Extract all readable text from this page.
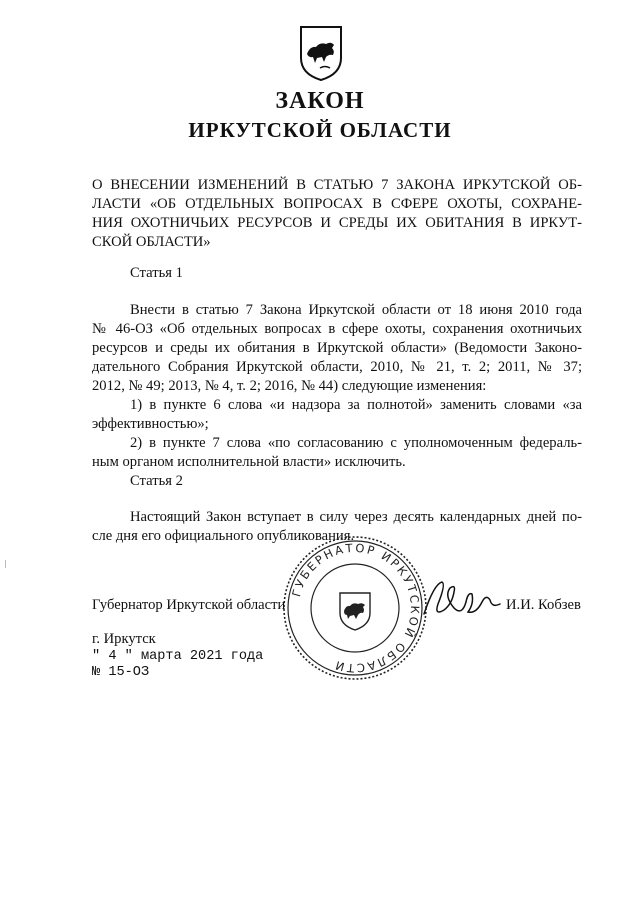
ЗАКОН
ИРКУТСКОЙ ОБЛАСТИ
О ВНЕСЕНИИ ИЗМЕНЕНИЙ В СТАТЬЮ 7 ЗАКОНА ИРКУТСКОЙ ОБ-
ЛАСТИ «ОБ ОТДЕЛЬНЫХ ВОПРОСАХ В СФЕРЕ ОХОТЫ, СОХРАНЕ-
НИЯ ОХОТНИЧЬИХ РЕСУРСОВ И СРЕДЫ ИХ ОБИТАНИЯ В ИРКУТ-
СКОЙ ОБЛАСТИ»
Статья 1
Внести в статью 7 Закона Иркутской области от 18 июня 2010 года
№ 46-ОЗ «Об отдельных вопросах в сфере охоты, сохранения охотничьих
ресурсов и среды их обитания в Иркутской области» (Ведомости Законо-
дательного Собрания Иркутской области, 2010, № 21, т. 2; 2011, № 37;
2012, № 49; 2013, № 4, т. 2; 2016, № 44) следующие изменения:
1) в пункте 6 слова «и надзора за полнотой» заменить словами «за
эффективностью»;
2) в пункте 7 слова «по согласованию с уполномоченным федераль-
ным органом исполнительной власти» исключить.
Статья 2
Настоящий Закон вступает в силу через десять календарных дней по-
сле дня его официального опубликования.
ГУБЕРНАТОР ИРКУТСКОЙ ОБЛАСТИ
Губернатор Иркутской области	И.И. Кобзев
г. Иркутск
" 4 " марта 2021 года
№ 15-ОЗ
